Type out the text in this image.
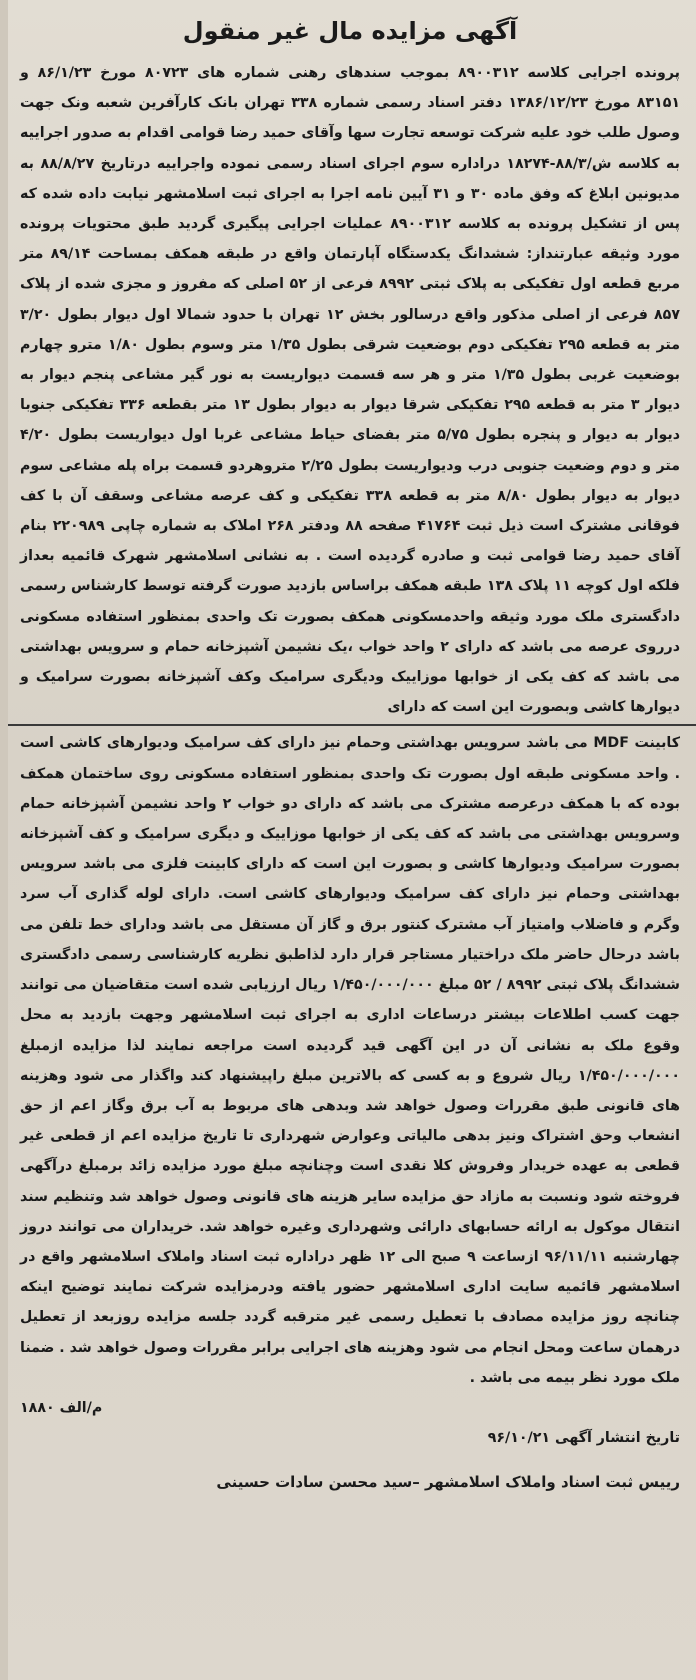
آگهی مزایده مال غیر منقول

پرونده اجرایی کلاسه ۸۹۰۰۳۱۲ بموجب سندهای رهنی شماره های ۸۰۷۲۳ مورخ ۸۶/۱/۲۳ و ۸۳۱۵۱ مورخ ۱۳۸۶/۱۲/۲۳ دفتر اسناد رسمی شماره ۳۳۸ تهران بانک کارآفرین شعبه ونک جهت وصول طلب خود علیه شرکت توسعه تجارت سها وآقای حمید رضا قوامی اقدام به صدور اجراییه به کلاسه ش/۸۸/۳-۱۸۲۷۴ دراداره سوم اجرای اسناد رسمی نموده واجراییه درتاریخ ۸۸/۸/۲۷ به مدیونین ابلاغ که وفق ماده ۳۰ و ۳۱ آیین نامه اجرا به اجرای ثبت اسلامشهر نیابت داده شده که پس از تشکیل پرونده به کلاسه ۸۹۰۰۳۱۲ عملیات اجرایی پیگیری گردید طبق محتویات پرونده مورد وثیقه عبارتنداز: ششدانگ یکدستگاه آپارتمان واقع در طبقه همکف بمساحت ۸۹/۱۴ متر مربع قطعه اول تفکیکی به پلاک ثبتی ۸۹۹۲ فرعی از ۵۲ اصلی که مفروز و مجزی شده از پلاک ۸۵۷ فرعی از اصلی مذکور واقع درسالور بخش ۱۲ تهران با حدود شمالا اول دیوار بطول ۳/۲۰ متر به قطعه ۲۹۵ تفکیکی دوم بوضعیت شرقی بطول ۱/۳۵ متر وسوم بطول ۱/۸۰ مترو چهارم بوضعیت غربی بطول ۱/۳۵ متر و هر سه قسمت دیواریست به نور گیر مشاعی پنجم دیوار به دیوار ۳ متر به قطعه ۲۹۵ تفکیکی شرقا دیوار به دیوار بطول ۱۳ متر بقطعه ۳۳۶ تفکیکی جنوبا دیوار به دیوار و پنجره بطول ۵/۷۵ متر بفضای حیاط مشاعی غربا اول دیواریست بطول ۴/۲۰ متر و دوم وضعیت جنوبی درب ودیواریست بطول ۲/۲۵ متروهردو قسمت براه پله مشاعی سوم دیوار به دیوار بطول ۸/۸۰ متر به قطعه ۳۳۸ تفکیکی و کف عرصه مشاعی وسقف آن با کف فوقانی مشترک است ذیل ثبت ۴۱۷۶۴ صفحه ۸۸ ودفتر ۲۶۸ املاک به شماره چاپی ۲۲۰۹۸۹ بنام آقای حمید رضا قوامی ثبت و صادره گردیده است . به نشانی اسلامشهر شهرک قائمیه بعداز فلکه اول کوچه ۱۱ پلاک ۱۳۸ طبقه همکف براساس بازدید صورت گرفته توسط کارشناس رسمی دادگستری ملک مورد وثیقه واحدمسکونی همکف بصورت تک واحدی بمنظور استفاده مسکونی درروی عرصه می باشد که دارای ۲ واحد خواب ،یک نشیمن آشپزخانه حمام و سرویس بهداشتی می باشد که کف یکی از خوابها موزاییک ودیگری سرامیک وکف آشپزخانه بصورت سرامیک و دیوارها کاشی وبصورت این است که دارای

کابینت MDF می باشد سرویس بهداشتی وحمام نیز دارای کف سرامیک ودیوارهای کاشی است . واحد مسکونی طبقه اول بصورت تک واحدی بمنظور استفاده مسکونی روی ساختمان همکف بوده که با همکف درعرصه مشترک می باشد که دارای دو خواب ۲ واحد نشیمن آشپزخانه حمام وسرویس بهداشتی می باشد که کف یکی از خوابها موزاییک و دیگری سرامیک و کف آشپزخانه بصورت سرامیک ودیوارها کاشی و بصورت این است که دارای کابینت فلزی می باشد سرویس بهداشتی وحمام نیز دارای کف سرامیک ودیوارهای کاشی است. دارای لوله گذاری آب سرد وگرم و فاضلاب وامتیاز آب مشترک کنتور برق و گاز آن مستقل می باشد ودارای خط تلفن می باشد درحال حاضر ملک دراختیار مستاجر قرار دارد لذاطبق نظریه کارشناسی رسمی دادگستری ششدانگ پلاک ثبتی ۸۹۹۲ / ۵۲ مبلغ ۱/۴۵۰/۰۰۰/۰۰۰ ریال ارزیابی شده است متقاضیان می توانند جهت کسب اطلاعات بیشتر درساعات اداری به اجرای ثبت اسلامشهر وجهت بازدید به محل وقوع ملک به نشانی آن در این آگهی قید گردیده است مراجعه نمایند لذا مزایده ازمبلغ ۱/۴۵۰/۰۰۰/۰۰۰ ریال شروع و به کسی که بالاترین مبلغ راپیشنهاد کند واگذار می شود وهزینه های قانونی طبق مقررات وصول خواهد شد وبدهی های مربوط به آب برق وگاز اعم از حق انشعاب وحق اشتراک ونیز بدهی مالیاتی وعوارض شهرداری تا تاریخ مزایده اعم از قطعی غیر قطعی به عهده خریدار وفروش کلا نقدی است وچنانچه مبلغ مورد مزایده زائد برمبلغ درآگهی فروخته شود ونسبت به مازاد حق مزایده سایر هزینه های قانونی وصول خواهد شد وتنظیم سند انتقال موکول به ارائه حسابهای دارائی وشهرداری وغیره خواهد شد. خریداران می توانند دروز چهارشنبه ۹۶/۱۱/۱۱ ازساعت ۹ صبح الی ۱۲ ظهر دراداره ثبت اسناد واملاک اسلامشهر واقع در اسلامشهر قائمیه سایت اداری اسلامشهر حضور یافته ودرمزایده شرکت نمایند توضیح اینکه چنانچه روز مزایده مصادف با تعطیل رسمی غیر مترقبه گردد جلسه مزایده روزبعد از تعطیل درهمان ساعت ومحل انجام می شود وهزینه های اجرایی برابر مقررات وصول خواهد شد . ضمنا ملک مورد نظر بیمه می باشد .

م/الف ۱۸۸۰
تاریخ انتشار آگهی ۹۶/۱۰/۲۱
رییس ثبت اسناد واملاک اسلامشهر –سید محسن سادات حسینی
